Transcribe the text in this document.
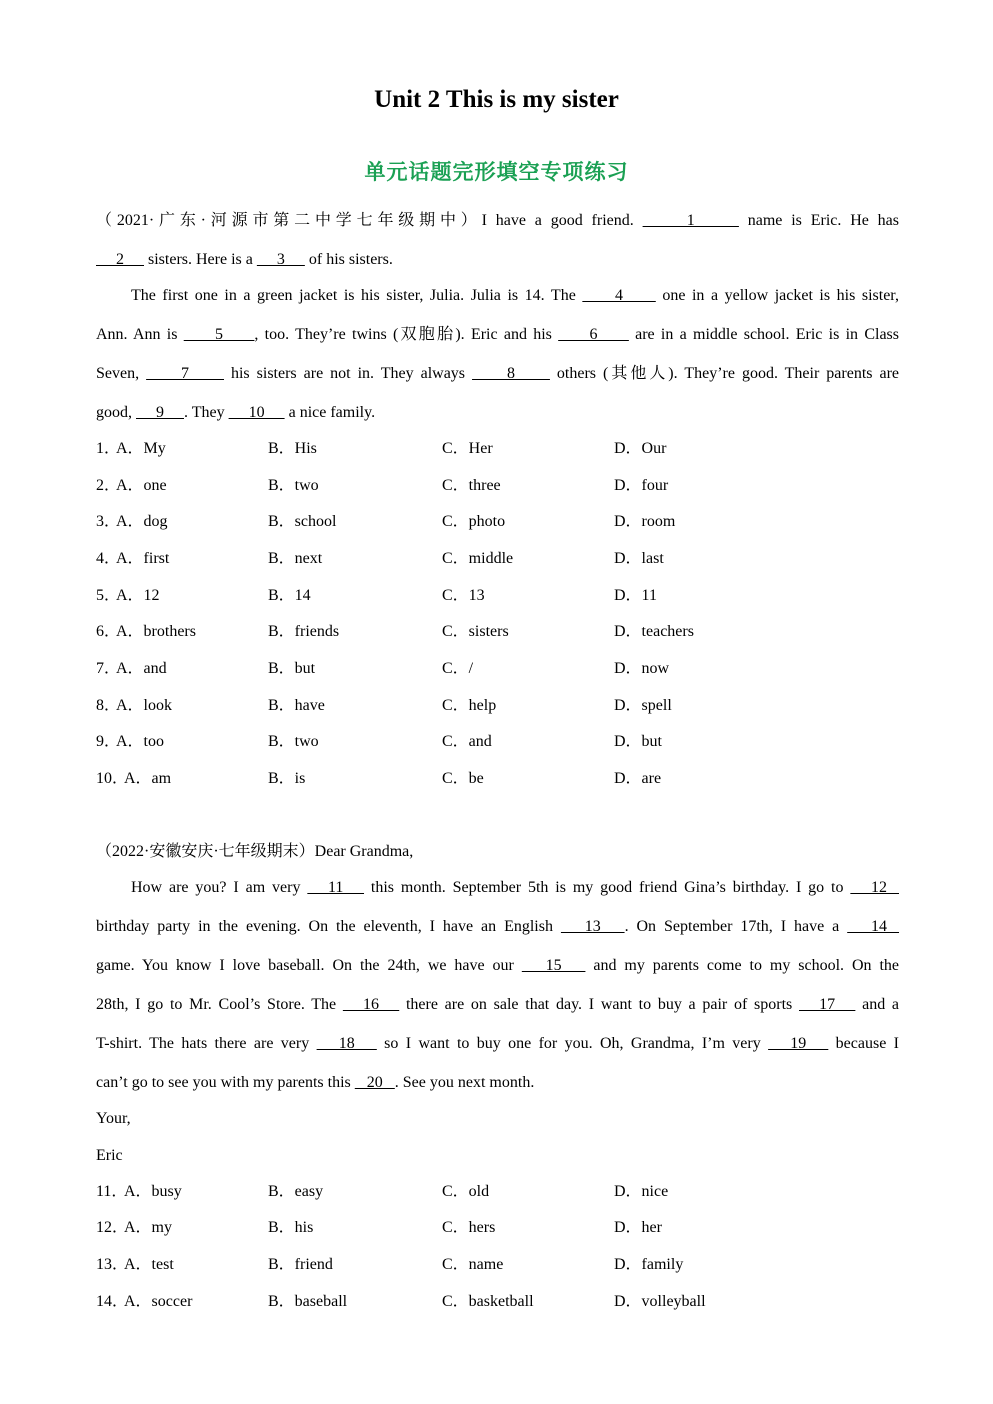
Unit 2 This is my sister
单元话题完形填空专项练习
（2021·广东·河源市第二中学七年级期中）I have a good friend.      1      name is Eric. He has
2      sisters. Here is a      3      of his sisters.
The first one in a green jacket is his sister, Julia. Julia is 14. The      4      one in a yellow jacket is his sister,
Ann. Ann is      5     , too. They’re twins (双胞胎). Eric and his      6      are in a middle school. Eric is in Class
Seven,      7      his sisters are not in. They always      8      others (其他人). They’re good. Their parents are
good,      9     . They      10      a nice family.
1．
A．My	B．His	C．Her	D．Our
2．
A．one	B．two	C．three	D．four
3．
A．dog	B．school	C．photo	D．room
4．
A．first	B．next	C．middle	D．last
5．
A．12	B．14	C．13	D．11
6．
A．brothers	B．friends	C．sisters	D．teachers
7．
A．and	B．but	C．/	D．now
8．
A．look	B．have	C．help	D．spell
9．
A．too	B．two	C．and	D．but
10．
A．am	B．is	C．be	D．are
（2022·安徽安庆·七年级期末）Dear Grandma,
How are you? I am very    11    this month. September 5th is my good friend Gina’s birthday. I go to    12
birthday party in the evening. On the eleventh, I have an English    13   . On September 17th, I have a    14
game. You know I love baseball. On the 24th, we have our    15    and my parents come to my school. On the
28th, I go to Mr. Cool’s Store. The    16    there are on sale that day. I want to buy a pair of sports    17    and a
T-shirt. The hats there are very    18    so I want to buy one for you. Oh, Grandma, I’m very    19    because I
can’t go to see you with my parents this    20   . See you next month.
Your,
Eric
11．
A．busy	B．easy	C．old	D．nice
12．
A．my	B．his	C．hers	D．her
13．
A．test	B．friend	C．name	D．family
14．
A．soccer	B．baseball	C．basketball	D．volleyball
